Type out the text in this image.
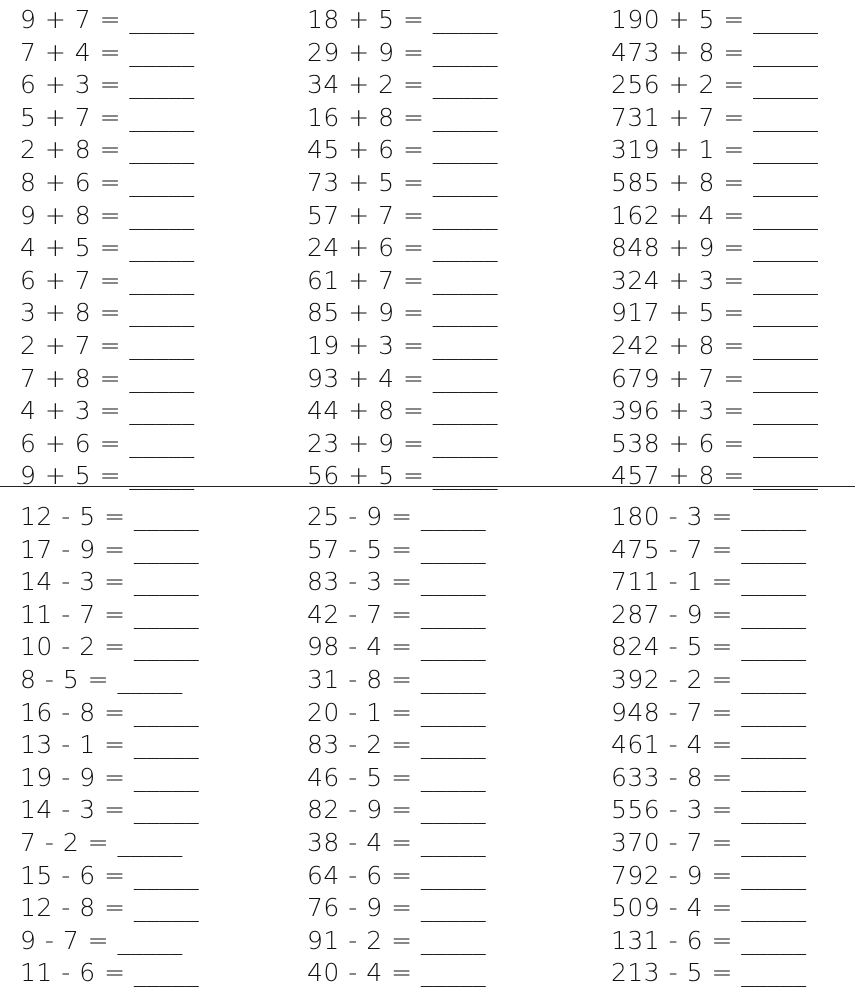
9 + 7 = _____
7 + 4 = _____
6 + 3 = _____
5 + 7 = _____
2 + 8 = _____
8 + 6 = _____
9 + 8 = _____
4 + 5 = _____
6 + 7 = _____
3 + 8 = _____
2 + 7 = _____
7 + 8 = _____
4 + 3 = _____
6 + 6 = _____
9 + 5 = _____
18 + 5 = _____
29 + 9 = _____
34 + 2 = _____
16 + 8 = _____
45 + 6 = _____
73 + 5 = _____
57 + 7 = _____
24 + 6 = _____
61 + 7 = _____
85 + 9 = _____
19 + 3 = _____
93 + 4 = _____
44 + 8 = _____
23 + 9 = _____
56 + 5 = _____
190 + 5 = _____
473 + 8 = _____
256 + 2 = _____
731 + 7 = _____
319 + 1 = _____
585 + 8 = _____
162 + 4 = _____
848 + 9 = _____
324 + 3 = _____
917 + 5 = _____
242 + 8 = _____
679 + 7 = _____
396 + 3 = _____
538 + 6 = _____
457 + 8 = _____
12 - 5 = _____
17 - 9 = _____
14 - 3 = _____
11 - 7 = _____
10 - 2 = _____
8 - 5 = _____
16 - 8 = _____
13 - 1 = _____
19 - 9 = _____
14 - 3 = _____
7 - 2 = _____
15 - 6 = _____
12 - 8 = _____
9 - 7 = _____
11 - 6 = _____
25 - 9 = _____
57 - 5 = _____
83 - 3 = _____
42 - 7 = _____
98 - 4 = _____
31 - 8 = _____
20 - 1 = _____
83 - 2 = _____
46 - 5 = _____
82 - 9 = _____
38 - 4 = _____
64 - 6 = _____
76 - 9 = _____
91 - 2 = _____
40 - 4 = _____
180 - 3 = _____
475 - 7 = _____
711 - 1 = _____
287 - 9 = _____
824 - 5 = _____
392 - 2 = _____
948 - 7 = _____
461 - 4 = _____
633 - 8 = _____
556 - 3 = _____
370 - 7 = _____
792 - 9 = _____
509 - 4 = _____
131 - 6 = _____
213 - 5 = _____
